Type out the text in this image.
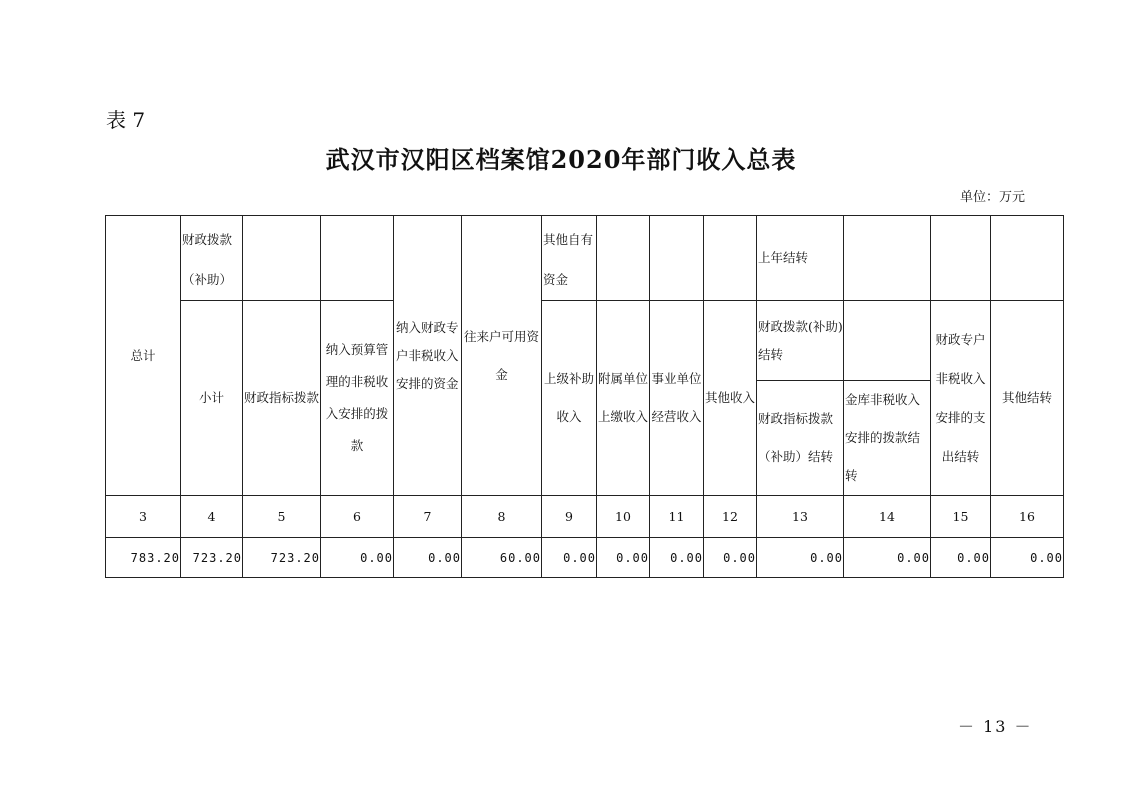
表 7
武汉市汉阳区档案馆2020年部门收入总表
单位：万元
总计	财政拨款（补助）			纳入财政专户非税收入安排的资金	往来户可用资金	其他自有资金				上年结转			
	小计	财政指标拨款	纳入预算管理的非税收入安排的拨款			上级补助收入	附属单位上缴收入	事业单位经营收入	其他收入	财政拨款(补助)结转		财政专户非税收入安排的支出结转	其他结转
										财政指标拨款（补助）结转	金库非税收入安排的拨款结转		
3	4	5	6	7	8	9	10	11	12	13	14	15	16
783.20	723.20	723.20	0.00	0.00	60.00	0.00	0.00	0.00	0.00	0.00	0.00	0.00	0.00
－ 13 －
